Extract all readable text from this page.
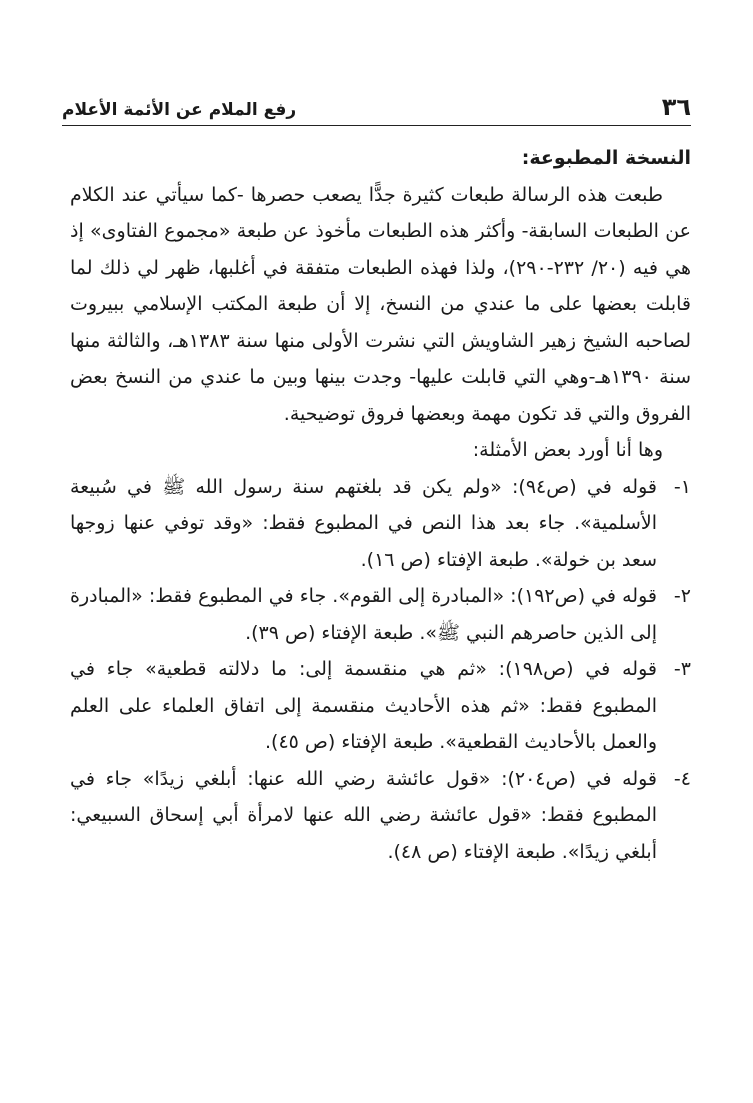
٣٦
رفع الملام عن الأئمة الأعلام

النسخة المطبوعة:

طبعت هذه الرسالة طبعات كثيرة جدًّا يصعب حصرها -كما سيأتي عند الكلام عن الطبعات السابقة- وأكثر هذه الطبعات مأخوذ عن طبعة «مجموع الفتاوى» إذ هي فيه (٢٠/ ٢٣٢-٢٩٠)، ولذا فهذه الطبعات متفقة في أغلبها، ظهر لي ذلك لما قابلت بعضها على ما عندي من النسخ، إلا أن طبعة المكتب الإسلامي ببيروت لصاحبه الشيخ زهير الشاويش التي نشرت الأولى منها سنة ١٣٨٣هـ، والثالثة منها سنة ١٣٩٠هـ-وهي التي قابلت عليها- وجدت بينها وبين ما عندي من النسخ بعض الفروق والتي قد تكون مهمة وبعضها فروق توضيحية.

وها أنا أورد بعض الأمثلة:

١-
قوله في (ص٩٤): «ولم يكن قد بلغتهم سنة رسول الله ﷺ في سُبيعة الأسلمية». جاء بعد هذا النص في المطبوع فقط: «وقد توفي عنها زوجها سعد بن خولة». طبعة الإفتاء (ص ١٦).
٢-
قوله في (ص١٩٢): «المبادرة إلى القوم». جاء في المطبوع فقط: «المبادرة إلى الذين حاصرهم النبي ﷺ». طبعة الإفتاء (ص ٣٩).
٣-
قوله في (ص١٩٨): «ثم هي منقسمة إلى: ما دلالته قطعية» جاء في المطبوع فقط: «ثم هذه الأحاديث منقسمة إلى اتفاق العلماء على العلم والعمل بالأحاديث القطعية». طبعة الإفتاء (ص ٤٥).
٤-
قوله في (ص٢٠٤): «قول عائشة رضي الله عنها: أبلغي زيدًا» جاء في المطبوع فقط: «قول عائشة رضي الله عنها لامرأة أبي إسحاق السبيعي: أبلغي زيدًا». طبعة الإفتاء (ص ٤٨).
